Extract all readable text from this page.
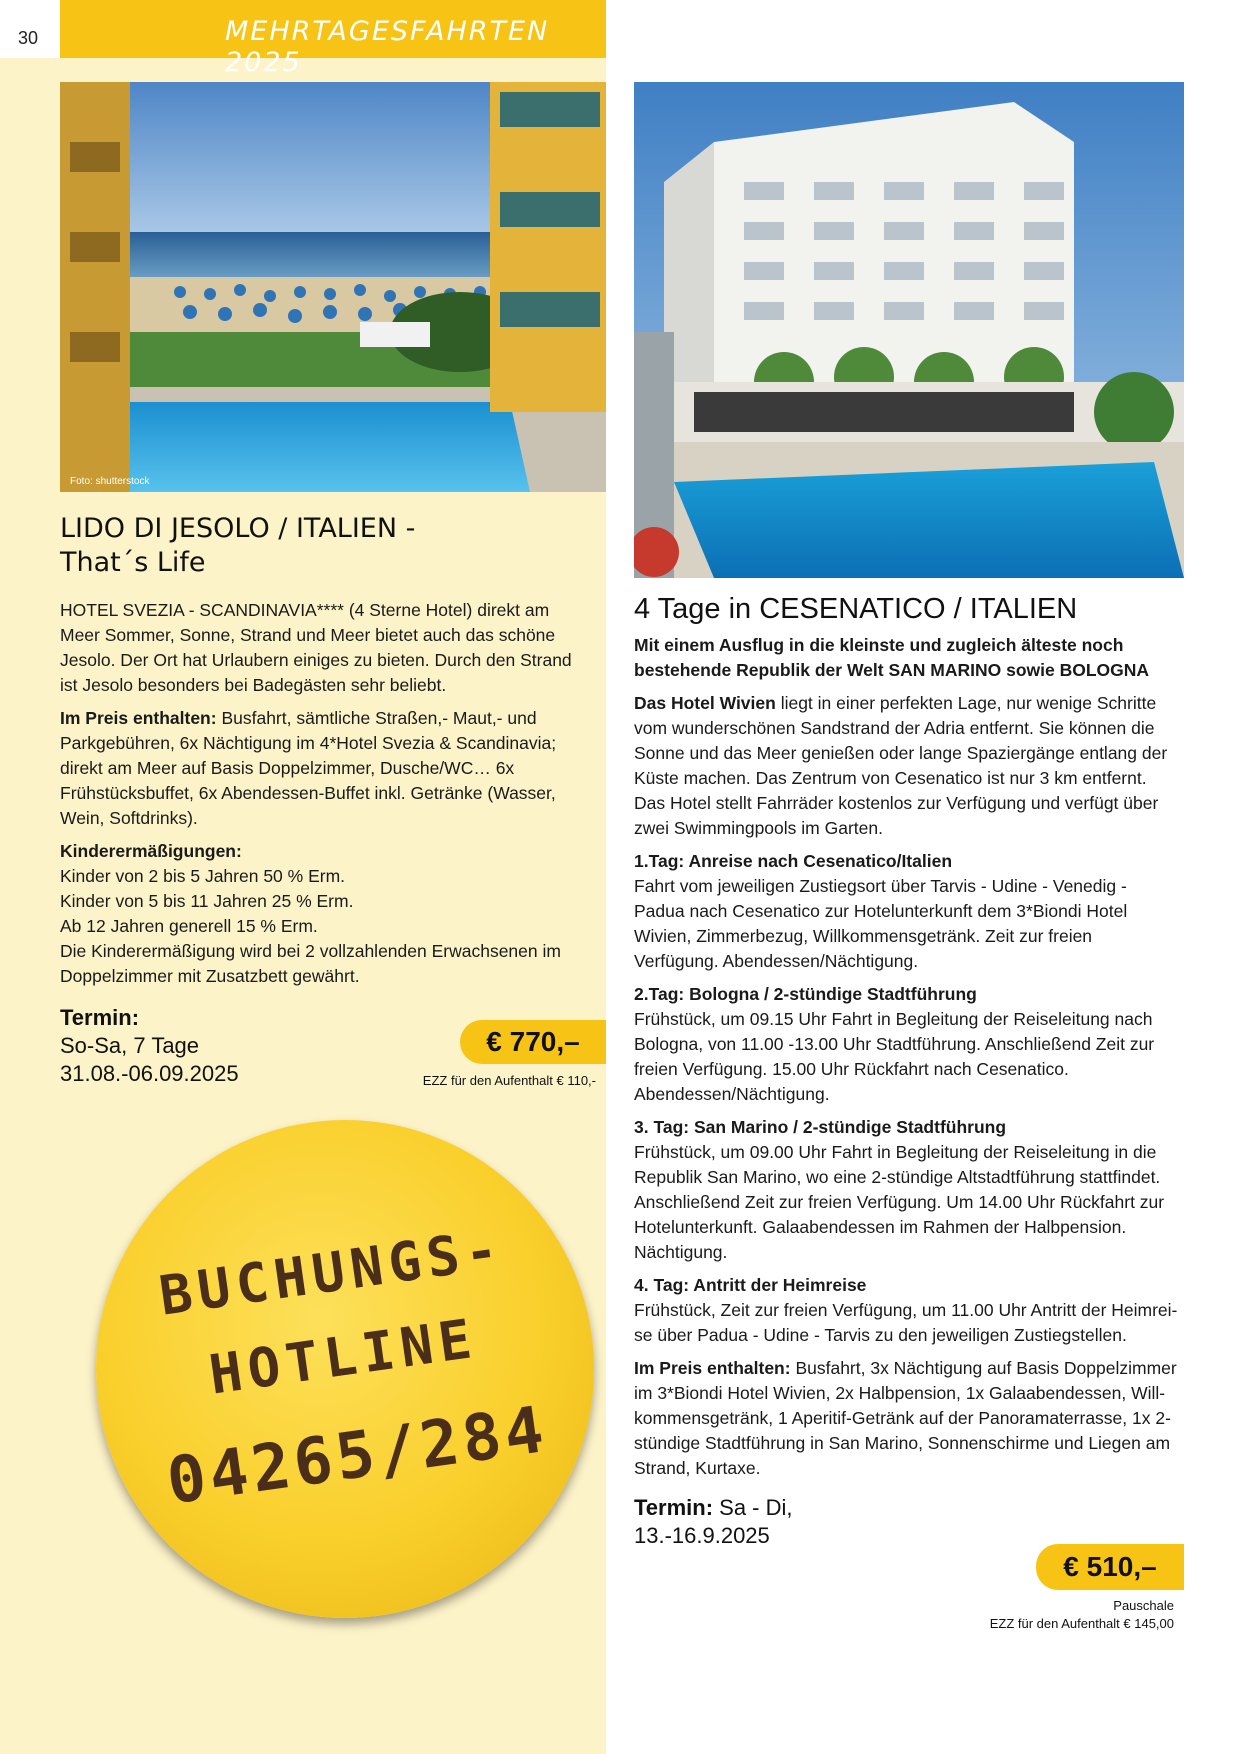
30	MEHRTAGESFAHRTEN 2025
Foto: shutterstock
LIDO DI JESOLO / ITALIEN -
That´s Life

HOTEL SVEZIA - SCANDINAVIA**** (4 Sterne Hotel) direkt am Meer Sommer, Sonne, Strand und Meer bietet auch das schöne Jesolo. Der Ort hat Urlaubern einiges zu bieten. Durch den Strand ist Jesolo besonders bei Badegästen sehr beliebt.

Im Preis enthalten: Busfahrt, sämtliche Straßen,- Maut,- und Parkgebühren, 6x Nächtigung im 4*Hotel Svezia & Scandinavia; direkt am Meer auf Basis Doppelzimmer, Dusche/WC… 6x Frühstücksbuffet, 6x Abendessen-Buffet inkl. Getränke (Wasser, Wein, Softdrinks).

Kinderermäßigungen:
Kinder von 2 bis 5 Jahren 50 % Erm.
Kinder von 5 bis 11 Jahren 25 % Erm.
Ab 12 Jahren generell 15 % Erm.
Die Kinderermäßigung wird bei 2 vollzahlenden Erwachsenen im Doppelzimmer mit Zusatzbett gewährt.

Termin:
So-Sa, 7 Tage
31.08.-06.09.2025
€ 770,–
EZZ für den Aufenthalt € 110,-
BUCHUNGS-
HOTLINE
04265/284
4 Tage in CESENATICO / ITALIEN

Mit einem Ausflug in die kleinste und zugleich älteste noch bestehende Republik der Welt SAN MARINO sowie BOLOGNA

Das Hotel Wivien liegt in einer perfekten Lage, nur wenige Schritte vom wunderschönen Sandstrand der Adria entfernt. Sie können die Sonne und das Meer genießen oder lange Spaziergänge entlang der Küste machen. Das Zentrum von Cesenatico ist nur 3 km entfernt. Das Hotel stellt Fahrräder kostenlos zur Verfügung und verfügt über zwei Swimmingpools im Garten.

1.Tag: Anreise nach Cesenatico/Italien
Fahrt vom jeweiligen Zustiegsort über Tarvis - Udine - Venedig - Padua nach Cesenatico zur Hotelunterkunft dem 3*Biondi Hotel Wivien, Zimmerbezug, Willkommensgetränk. Zeit zur freien Verfügung. Abendessen/Nächtigung.

2.Tag: Bologna / 2-stündige Stadtführung
Frühstück, um 09.15 Uhr Fahrt in Begleitung der Reiseleitung nach Bologna, von 11.00 -13.00 Uhr Stadtführung. Anschließend Zeit zur freien Verfügung. 15.00 Uhr Rückfahrt nach Cesenatico. Abendessen/Nächtigung.

3. Tag: San Marino / 2-stündige Stadtführung
Frühstück, um 09.00 Uhr Fahrt in Begleitung der Reiseleitung in die Republik San Marino, wo eine 2-stündige Altstadtführung stattfindet. Anschließend Zeit zur freien Verfügung. Um 14.00 Uhr Rückfahrt zur Hotelunterkunft. Galaabendessen im Rahmen der Halbpension. Nächtigung.

4. Tag: Antritt der Heimreise
Frühstück, Zeit zur freien Verfügung, um 11.00 Uhr Antritt der Heimrei-se über Padua - Udine - Tarvis zu den jeweiligen Zustiegstellen.

Im Preis enthalten: Busfahrt, 3x Nächtigung auf Basis Doppelzimmer im 3*Biondi Hotel Wivien, 2x Halbpension, 1x Galaabendessen, Will-kommensgetränk, 1 Aperitif-Getränk auf der Panoramaterrasse, 1x 2-stündige Stadtführung in San Marino, Sonnenschirme und Liegen am Strand, Kurtaxe.

Termin: Sa - Di,
13.-16.9.2025
€ 510,–
Pauschale
EZZ für den Aufenthalt € 145,00
